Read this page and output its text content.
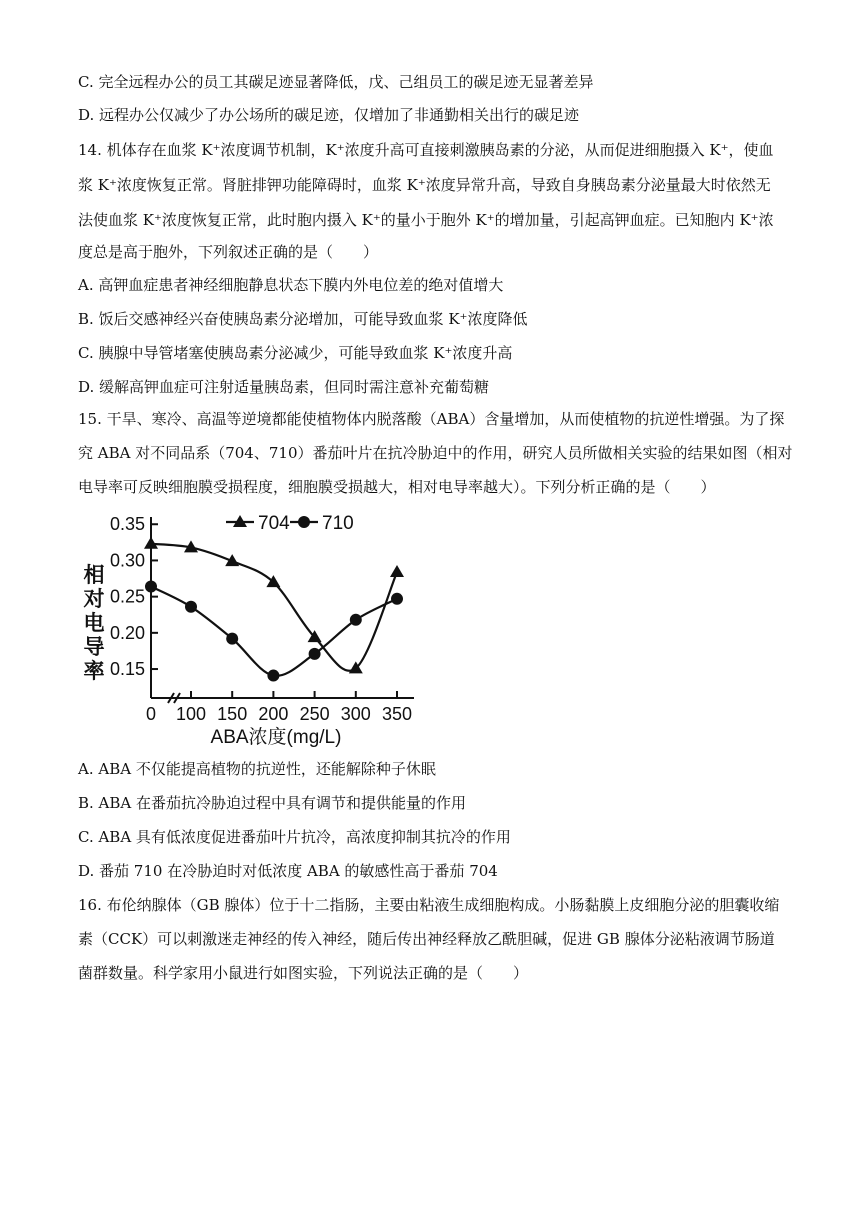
C. 完全远程办公的员工其碳足迹显著降低，戊、己组员工的碳足迹无显著差异
D. 远程办公仅减少了办公场所的碳足迹，仅增加了非通勤相关出行的碳足迹
14. 机体存在血浆 K⁺浓度调节机制，K⁺浓度升高可直接刺激胰岛素的分泌，从而促进细胞摄入 K⁺，使血
浆 K⁺浓度恢复正常。肾脏排钾功能障碍时，血浆 K⁺浓度异常升高，导致自身胰岛素分泌量最大时依然无
法使血浆 K⁺浓度恢复正常，此时胞内摄入 K⁺的量小于胞外 K⁺的增加量，引起高钾血症。已知胞内 K⁺浓
度总是高于胞外，下列叙述正确的是（　　）
A. 高钾血症患者神经细胞静息状态下膜内外电位差的绝对值增大
B. 饭后交感神经兴奋使胰岛素分泌增加，可能导致血浆 K⁺浓度降低
C. 胰腺中导管堵塞使胰岛素分泌减少，可能导致血浆 K⁺浓度升高
D. 缓解高钾血症可注射适量胰岛素，但同时需注意补充葡萄糖
15. 干旱、寒冷、高温等逆境都能使植物体内脱落酸（ABA）含量增加，从而使植物的抗逆性增强。为了探
究 ABA 对不同品系（704、710）番茄叶片在抗冷胁迫中的作用，研究人员所做相关实验的结果如图（相对
电导率可反映细胞膜受损程度，细胞膜受损越大，相对电导率越大）。下列分析正确的是（　　）
0.15
0.20
0.25
0.30
0.35
0 100 150 200 250 300 350
704 710
相对电导率
ABA浓度(mg/L)
A. ABA 不仅能提高植物的抗逆性，还能解除种子休眠
B. ABA 在番茄抗冷胁迫过程中具有调节和提供能量的作用
C. ABA 具有低浓度促进番茄叶片抗冷，高浓度抑制其抗冷的作用
D. 番茄 710 在冷胁迫时对低浓度 ABA 的敏感性高于番茄 704
16. 布伦纳腺体（GB 腺体）位于十二指肠，主要由粘液生成细胞构成。小肠黏膜上皮细胞分泌的胆囊收缩
素（CCK）可以刺激迷走神经的传入神经，随后传出神经释放乙酰胆碱，促进 GB 腺体分泌粘液调节肠道
菌群数量。科学家用小鼠进行如图实验，下列说法正确的是（　　）
